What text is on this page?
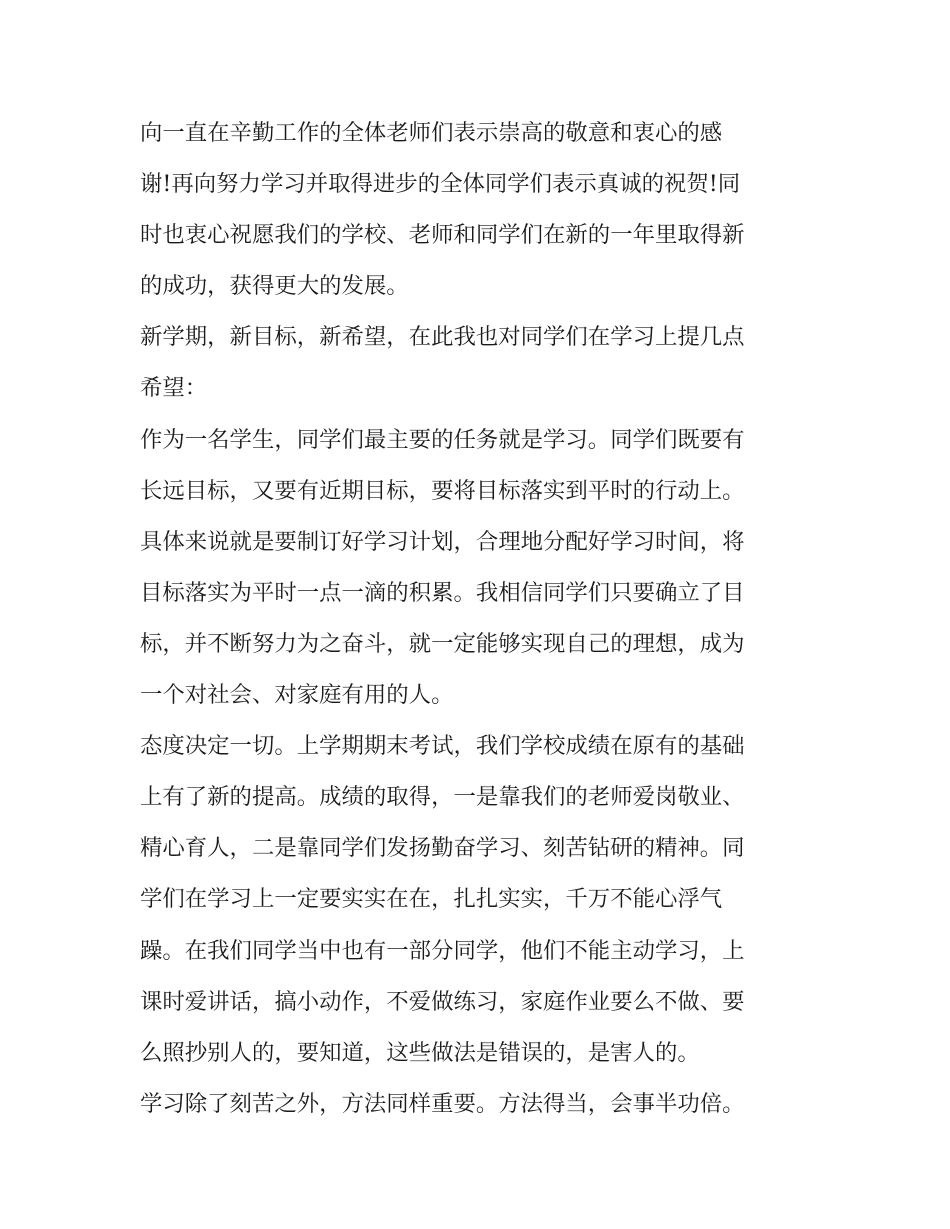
向一直在辛勤工作的全体老师们表示崇高的敬意和衷心的感
谢!再向努力学习并取得进步的全体同学们表示真诚的祝贺!同
时也衷心祝愿我们的学校、老师和同学们在新的一年里取得新
的成功，获得更大的发展。
新学期，新目标，新希望，在此我也对同学们在学习上提几点
希望：
作为一名学生，同学们最主要的任务就是学习。同学们既要有
长远目标，又要有近期目标，要将目标落实到平时的行动上。
具体来说就是要制订好学习计划，合理地分配好学习时间，将
目标落实为平时一点一滴的积累。我相信同学们只要确立了目
标，并不断努力为之奋斗，就一定能够实现自己的理想，成为
一个对社会、对家庭有用的人。
态度决定一切。上学期期末考试，我们学校成绩在原有的基础
上有了新的提高。成绩的取得，一是靠我们的老师爱岗敬业、
精心育人，二是靠同学们发扬勤奋学习、刻苦钻研的精神。同
学们在学习上一定要实实在在，扎扎实实，千万不能心浮气
躁。在我们同学当中也有一部分同学，他们不能主动学习，上
课时爱讲话，搞小动作，不爱做练习，家庭作业要么不做、要
么照抄别人的，要知道，这些做法是错误的，是害人的。
学习除了刻苦之外，方法同样重要。方法得当，会事半功倍。
